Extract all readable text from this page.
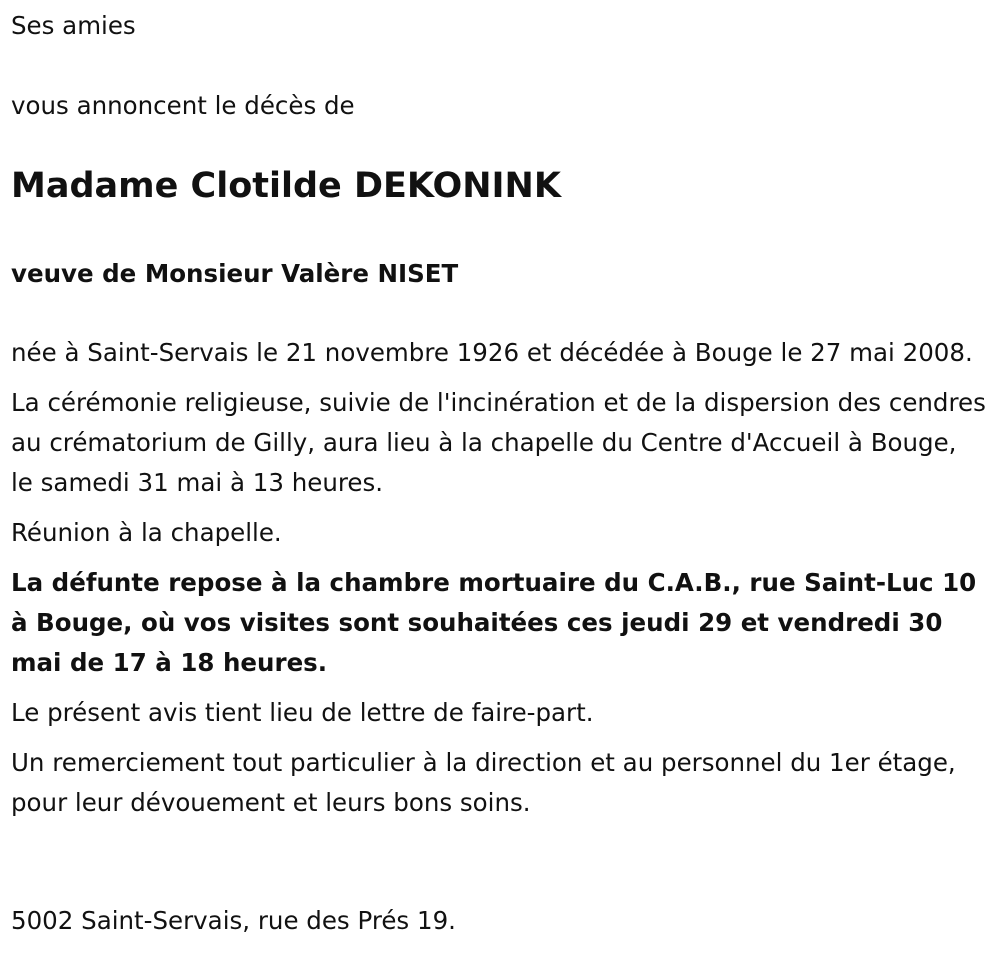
Ses amies

vous annoncent le décès de

Madame Clotilde DEKONINK

veuve de Monsieur Valère NISET

née à Saint-Servais le 21 novembre 1926 et décédée à Bouge le 27 mai 2008.

La cérémonie religieuse, suivie de l'incinération et de la dispersion des cendres au crématorium de Gilly, aura lieu à la chapelle du Centre d'Accueil à Bouge, le samedi 31 mai à 13 heures.

Réunion à la chapelle.

La défunte repose à la chambre mortuaire du C.A.B., rue Saint-Luc 10 à Bouge, où vos visites sont souhaitées ces jeudi 29 et vendredi 30 mai de 17 à 18 heures.

Le présent avis tient lieu de lettre de faire-part.

Un remerciement tout particulier à la direction et au personnel du 1er étage, pour leur dévouement et leurs bons soins.

5002 Saint-Servais, rue des Prés 19.
